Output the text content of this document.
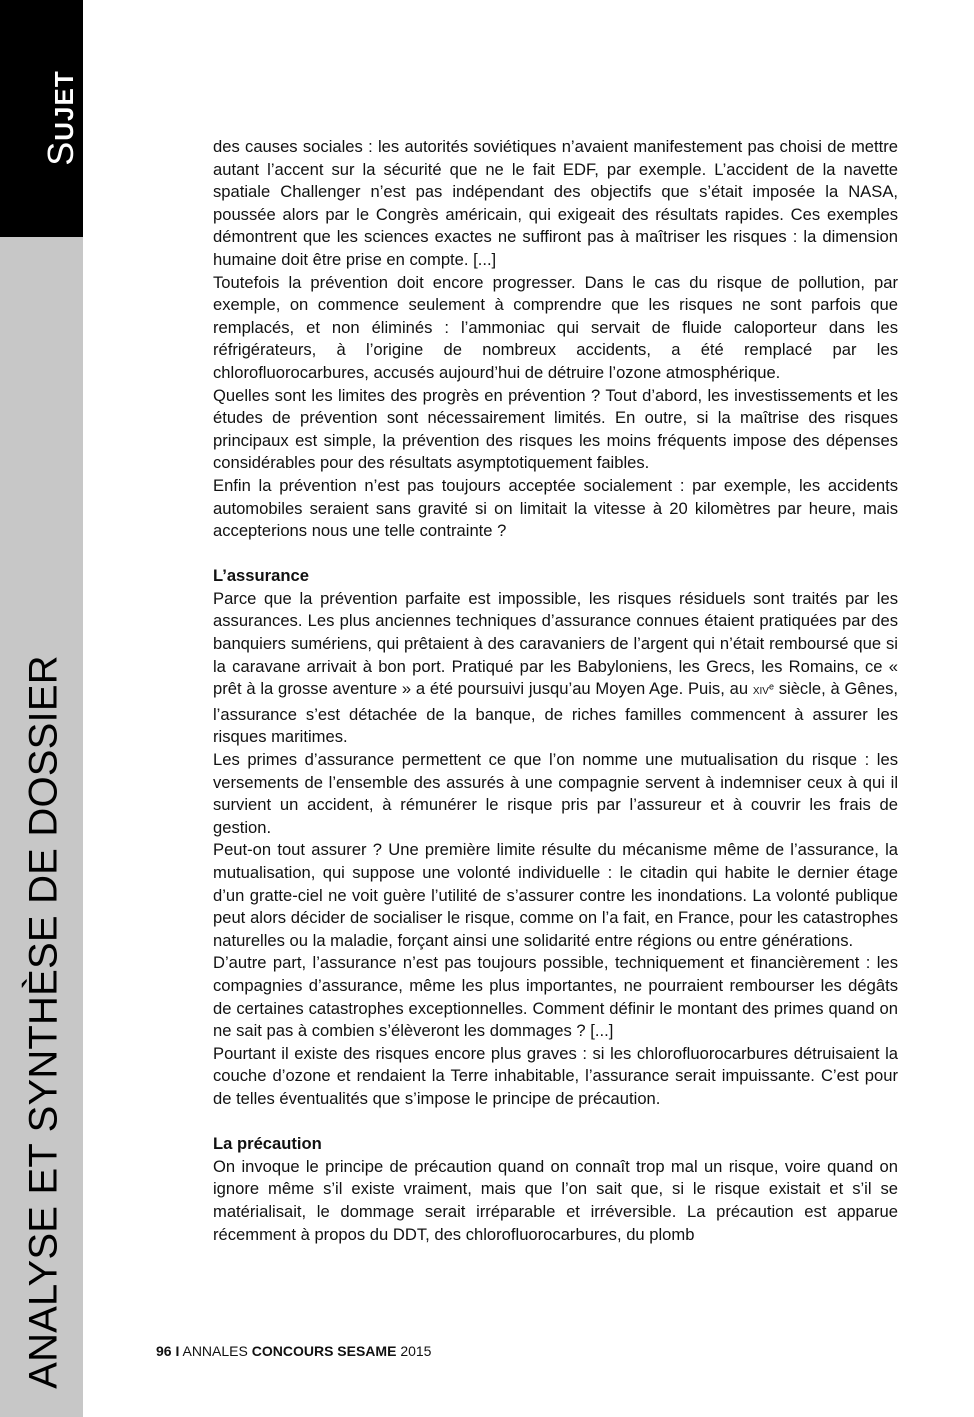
SUJET
ANALYSE ET SYNTHÈSE DE DOSSIER

des causes sociales : les autorités soviétiques n’avaient manifestement pas choisi de mettre autant l’accent sur la sécurité que ne le fait EDF, par exemple. L’accident de la navette spatiale Challenger n’est pas indépendant des objectifs que s’était imposée la NASA, poussée alors par le Congrès américain, qui exigeait des résultats rapides. Ces exemples démontrent que les sciences exactes ne suffiront pas à maîtriser les risques : la dimension humaine doit être prise en compte. [...]

Toutefois la prévention doit encore progresser. Dans le cas du risque de pollution, par exemple, on commence seulement à comprendre que les risques ne sont parfois que remplacés, et non éliminés : l’ammoniac qui servait de fluide caloporteur dans les réfrigérateurs, à l’origine de nombreux accidents, a été remplacé par les chlorofluorocarbures, accusés aujourd’hui de détruire l’ozone atmosphérique.

Quelles sont les limites des progrès en prévention ? Tout d’abord, les investissements et les études de prévention sont nécessairement limités. En outre, si la maîtrise des risques principaux est simple, la prévention des risques les moins fréquents impose des dépenses considérables pour des résultats asymptotiquement faibles.

Enfin la prévention n’est pas toujours acceptée socialement : par exemple, les accidents automobiles seraient sans gravité si on limitait la vitesse à 20 kilomètres par heure, mais accepterions nous une telle contrainte ?

L’assurance

Parce que la prévention parfaite est impossible, les risques résiduels sont traités par les assurances. Les plus anciennes techniques d’assurance connues étaient pratiquées par des banquiers sumériens, qui prêtaient à des caravaniers de l’argent qui n’était remboursé que si la caravane arrivait à bon port. Pratiqué par les Babyloniens, les Grecs, les Romains, ce « prêt à la grosse aventure » a été poursuivi jusqu’au Moyen Age. Puis, au XIVe siècle, à Gênes, l’assurance s’est détachée de la banque, de riches familles commencent à assurer les risques maritimes.

Les primes d’assurance permettent ce que l’on nomme une mutualisation du risque : les versements de l’ensemble des assurés à une compagnie servent à indemniser ceux à qui il survient un accident, à rémunérer le risque pris par l’assureur et à couvrir les frais de gestion.

Peut-on tout assurer ? Une première limite résulte du mécanisme même de l’assurance, la mutualisation, qui suppose une volonté individuelle : le citadin qui habite le dernier étage d’un gratte-ciel ne voit guère l’utilité de s’assurer contre les inondations. La volonté publique peut alors décider de socialiser le risque, comme on l’a fait, en France, pour les catastrophes naturelles ou la maladie, forçant ainsi une solidarité entre régions ou entre générations.

D’autre part, l’assurance n’est pas toujours possible, techniquement et financièrement : les compagnies d’assurance, même les plus importantes, ne pourraient rembourser les dégâts de certaines catastrophes exceptionnelles. Comment définir le montant des primes quand on ne sait pas à combien s’élèveront les dommages ? [...]

Pourtant il existe des risques encore plus graves : si les chlorofluorocarbures détruisaient la couche d’ozone et rendaient la Terre inhabitable, l’assurance serait impuissante. C’est pour de telles éventualités que s’impose le principe de précaution.

La précaution

On invoque le principe de précaution quand on connaît trop mal un risque, voire quand on ignore même s’il existe vraiment, mais que l’on sait que, si le risque existait et s’il se matérialisait, le dommage serait irréparable et irréversible. La précaution est apparue récemment à propos du DDT, des chlorofluorocarbures, du plomb

96 I ANNALES CONCOURS SESAME 2015
